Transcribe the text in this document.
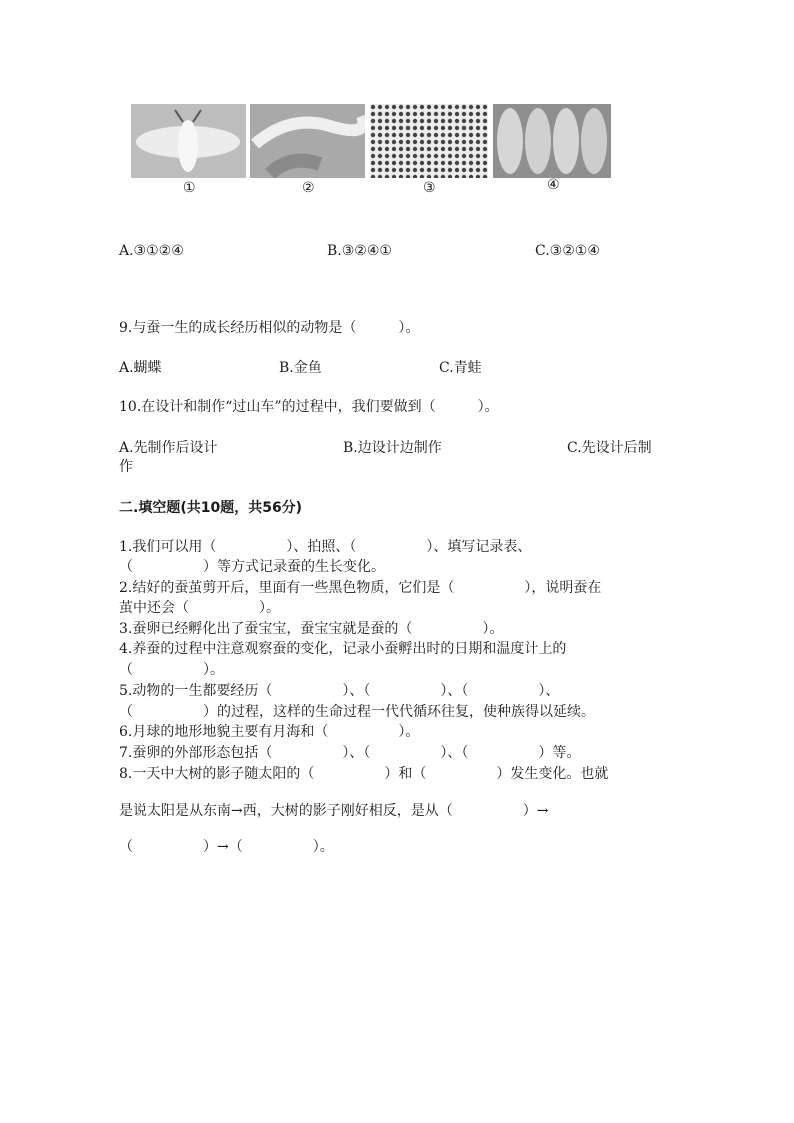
①	②	③	④
A.③①②④	B.③②④①	C.③②①④
9.与蚕一生的成长经历相似的动物是（　　　）。
A.蝴蝶	B.金鱼	C.青蛙
10.在设计和制作“过山车”的过程中，我们要做到（　　　）。
A.先制作后设计	B.边设计边制作	C.先设计后制
作
二.填空题(共10题，共56分)
1.我们可以用（　　　　　）、拍照、（　　　　　）、填写记录表、
（　　　　　）等方式记录蚕的生长变化。
2.结好的蚕茧剪开后，里面有一些黑色物质，它们是（　　　　　），说明蚕在
茧中还会（　　　　　）。
3.蚕卵已经孵化出了蚕宝宝，蚕宝宝就是蚕的（　　　　　）。
4.养蚕的过程中注意观察蚕的变化，记录小蚕孵出时的日期和温度计上的
（　　　　　）。
5.动物的一生都要经历（　　　　　）、（　　　　　）、（　　　　　）、
（　　　　　）的过程，这样的生命过程一代代循环往复，使种族得以延续。
6.月球的地形地貌主要有月海和（　　　　　）。
7.蚕卵的外部形态包括（　　　　　）、（　　　　　）、（　　　　　）等。
8.一天中大树的影子随太阳的（　　　　　）和（　　　　　）发生变化。也就
是说太阳是从东南→西，大树的影子刚好相反，是从（　　　　　）→
（　　　　　）→（　　　　　）。
